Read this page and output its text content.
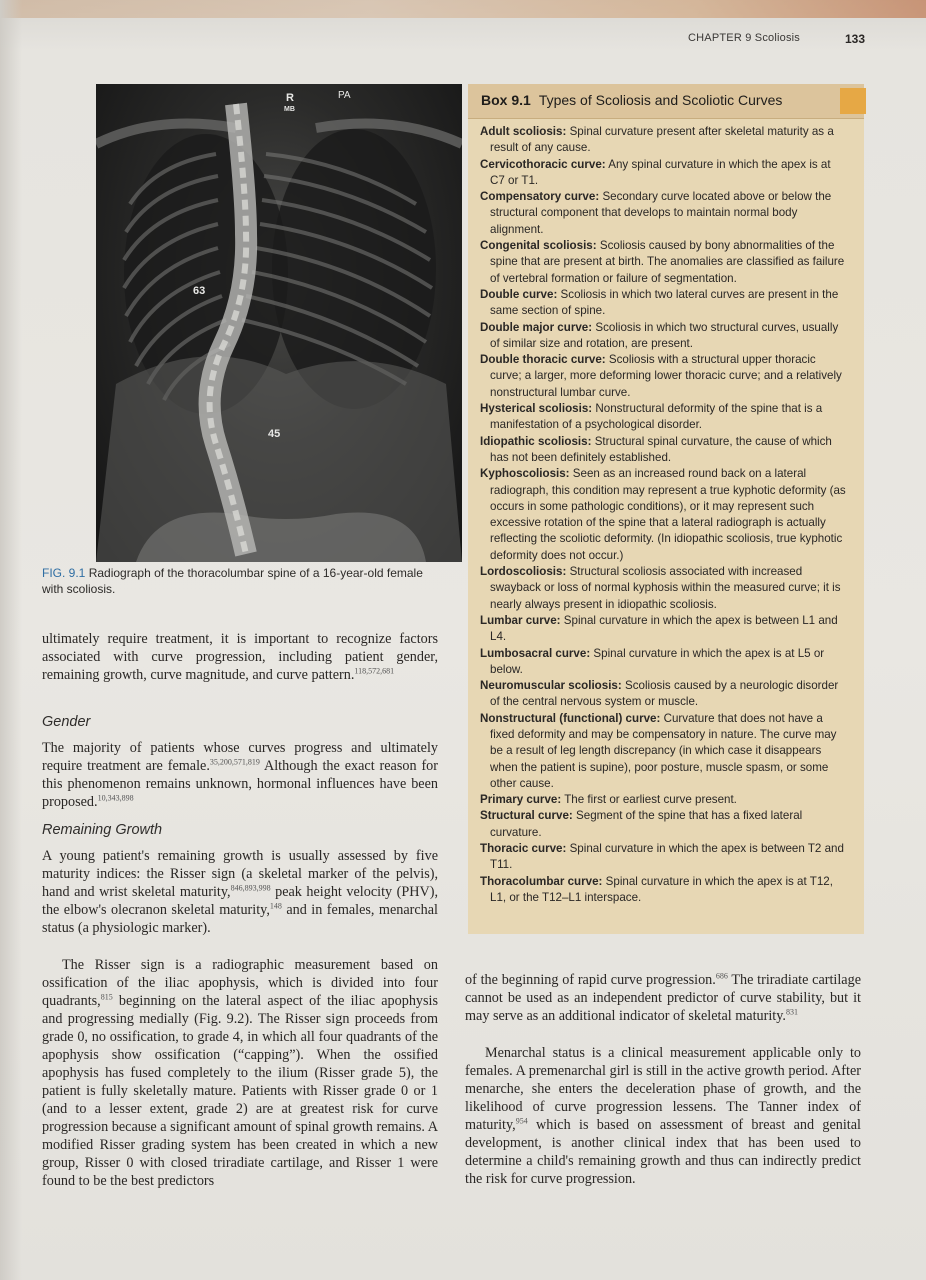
CHAPTER 9 Scoliosis	133
R
MB
PA
63
45
FIG. 9.1 Radiograph of the thoracolumbar spine of a 16-year-old female with scoliosis.
ultimately require treatment, it is important to recognize factors associated with curve progression, including patient gender, remaining growth, curve magnitude, and curve pattern.$^{118,572,681}$
Gender
The majority of patients whose curves progress and ultimately require treatment are female.$^{35,200,571,819}$ Although the exact reason for this phenomenon remains unknown, hormonal influences have been proposed.$^{10,343,898}$
Remaining Growth
A young patient's remaining growth is usually assessed by five maturity indices: the Risser sign (a skeletal marker of the pelvis), hand and wrist skeletal maturity,$^{846,893,998}$ peak height velocity (PHV), the elbow's olecranon skeletal maturity,$^{148}$ and in females, menarchal status (a physiologic marker).
The Risser sign is a radiographic measurement based on ossification of the iliac apophysis, which is divided into four quadrants,$^{815}$ beginning on the lateral aspect of the iliac apophysis and progressing medially (Fig. 9.2). The Risser sign proceeds from grade 0, no ossification, to grade 4, in which all four quadrants of the apophysis show ossification (“capping”). When the ossified apophysis has fused completely to the ilium (Risser grade 5), the patient is fully skeletally mature. Patients with Risser grade 0 or 1 (and to a lesser extent, grade 2) are at greatest risk for curve progression because a significant amount of spinal growth remains. A modified Risser grading system has been created in which a new group, Risser 0 with closed triradiate cartilage, and Risser 1 were found to be the best predictors
Box 9.1 Types of Scoliosis and Scoliotic Curves

Adult scoliosis: Spinal curvature present after skeletal maturity as a result of any cause.

Cervicothoracic curve: Any spinal curvature in which the apex is at C7 or T1.

Compensatory curve: Secondary curve located above or below the structural component that develops to maintain normal body alignment.

Congenital scoliosis: Scoliosis caused by bony abnormalities of the spine that are present at birth. The anomalies are classified as failure of vertebral formation or failure of segmentation.

Double curve: Scoliosis in which two lateral curves are present in the same section of spine.

Double major curve: Scoliosis in which two structural curves, usually of similar size and rotation, are present.

Double thoracic curve: Scoliosis with a structural upper thoracic curve; a larger, more deforming lower thoracic curve; and a relatively nonstructural lumbar curve.

Hysterical scoliosis: Nonstructural deformity of the spine that is a manifestation of a psychological disorder.

Idiopathic scoliosis: Structural spinal curvature, the cause of which has not been definitely established.

Kyphoscoliosis: Seen as an increased round back on a lateral radiograph, this condition may represent a true kyphotic deformity (as occurs in some pathologic conditions), or it may represent such excessive rotation of the spine that a lateral radiograph is actually reflecting the scoliotic deformity. (In idiopathic scoliosis, true kyphotic deformity does not occur.)

Lordoscoliosis: Structural scoliosis associated with increased swayback or loss of normal kyphosis within the measured curve; it is nearly always present in idiopathic scoliosis.

Lumbar curve: Spinal curvature in which the apex is between L1 and L4.

Lumbosacral curve: Spinal curvature in which the apex is at L5 or below.

Neuromuscular scoliosis: Scoliosis caused by a neurologic disorder of the central nervous system or muscle.

Nonstructural (functional) curve: Curvature that does not have a fixed deformity and may be compensatory in nature. The curve may be a result of leg length discrepancy (in which case it disappears when the patient is supine), poor posture, muscle spasm, or some other cause.

Primary curve: The first or earliest curve present.

Structural curve: Segment of the spine that has a fixed lateral curvature.

Thoracic curve: Spinal curvature in which the apex is between T2 and T11.

Thoracolumbar curve: Spinal curvature in which the apex is at T12, L1, or the T12–L1 interspace.

of the beginning of rapid curve progression.$^{686}$ The triradiate cartilage cannot be used as an independent predictor of curve stability, but it may serve as an additional indicator of skeletal maturity.$^{831}$
Menarchal status is a clinical measurement applicable only to females. A premenarchal girl is still in the active growth period. After menarche, she enters the deceleration phase of growth, and the likelihood of curve progression lessens. The Tanner index of maturity,$^{954}$ which is based on assessment of breast and genital development, is another clinical index that has been used to determine a child's remaining growth and thus can indirectly predict the risk for curve progression.
